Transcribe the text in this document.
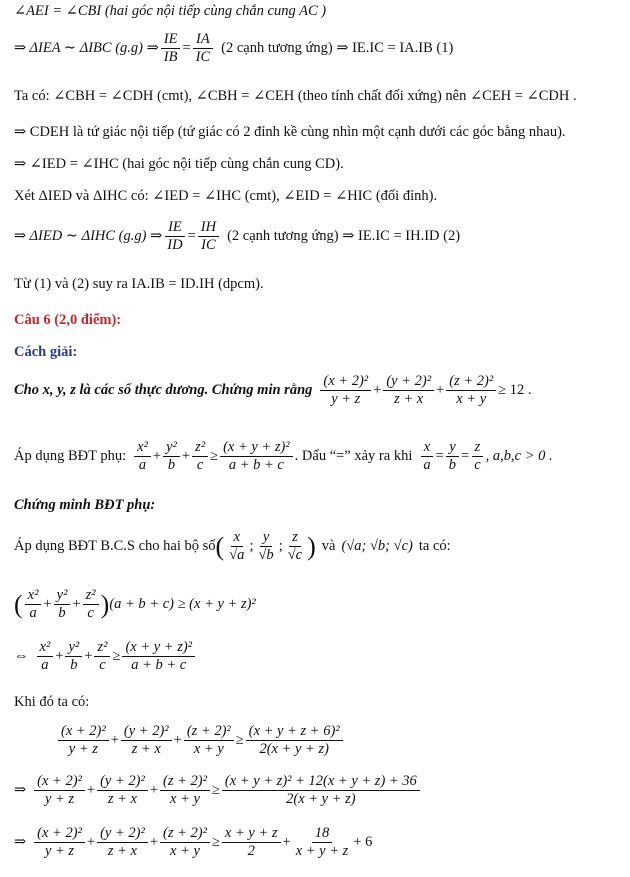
∠AEI = ∠CBI (hai góc nội tiếp cùng chắn cung AC )
⇒ ΔIEA ∼ ΔIBC (g.g) ⇒ $\frac{IE}{IB} = \frac{IA}{IC} (2$ cạnh tương ứng) ⇒ IE.IC = IA.IB (1)
Ta có: ∠CBH = ∠CDH (cmt), ∠CBH = ∠CEH (theo tính chất đối xứng) nên ∠CEH = ∠CDH .
⇒ CDEH là tứ giác nội tiếp (tứ giác có 2 đỉnh kề cùng nhìn một cạnh dưới các góc bằng nhau).
⇒ ∠IED = ∠IHC (hai góc nội tiếp cùng chắn cung CD).
Xét ΔIED và ΔIHC có: ∠IED = ∠IHC (cmt), ∠EID = ∠HIC (đối đỉnh).
⇒ ΔIED ∼ ΔIHC (g.g) ⇒ $\frac{IE}{ID} = \frac{IH}{IC} (2$ cạnh tương ứng) ⇒ IE.IC = IH.ID (2)
Từ (1) và (2) suy ra IA.IB = ID.IH (dpcm).
Câu 6 (2,0 điểm):
Cách giải:
Cho x, y, z là các số thực dương. Chứng min rằng $\frac{\text{(x + 2)²}}{y + z} + \frac{\text{(y + 2)²}}{z + x} + \frac{\text{(z + 2)²}}{x + y} \ge 12$ .
Áp dụng BĐT phụ: $\frac{\text{x²}}{a} + \frac{\text{y²}}{b} + \frac{\text{z²}}{c} \ge \frac{\text{(x + y + z)²}}{a + b + c}$ . Dấu “=” xảy ra khi $\frac{x}{a} = \frac{y}{b} = \frac{z}{c}$ , a,b,c > 0 .
Chứng minh BĐT phụ:
Áp dụng BĐT B.C.S cho hai bộ số ( $\frac{x}{√a}$ ; $\frac{y}{√b}$ ; $\frac{z}{√c}$ ) và (√a; √b; √c) ta có:
( $\frac{\text{x²}}{a} + \frac{\text{y²}}{b} + \frac{\text{z²}}{c}$ ) (a + b + c) ≥ (x + y + z)²
⇔ $\frac{\text{x²}}{a} + \frac{\text{y²}}{b} + \frac{\text{z²}}{c} \ge \frac{\text{(x + y + z)²}}{a + b + c}$
Khi đó ta có:
$\frac{\text{(x + 2)²}}{y + z} + \frac{\text{(y + 2)²}}{z + x} + \frac{\text{(z + 2)²}}{x + y} \ge \frac{\text{(x + y + z + 6)²}}{2(x + y + z)}$
⇒ $\frac{\text{(x + 2)²}}{y + z} + \frac{\text{(y + 2)²}}{z + x} + \frac{\text{(z + 2)²}}{x + y} \ge \frac{\text{(x + y + z)² + 12(x + y + z) + 36}}{2(x + y + z)}$
⇒ $\frac{\text{(x + 2)²}}{y + z} + \frac{\text{(y + 2)²}}{z + x} + \frac{\text{(z + 2)²}}{x + y} \ge \frac{x + y + z}{2} + \frac{18}{x + y + z} + 6$
